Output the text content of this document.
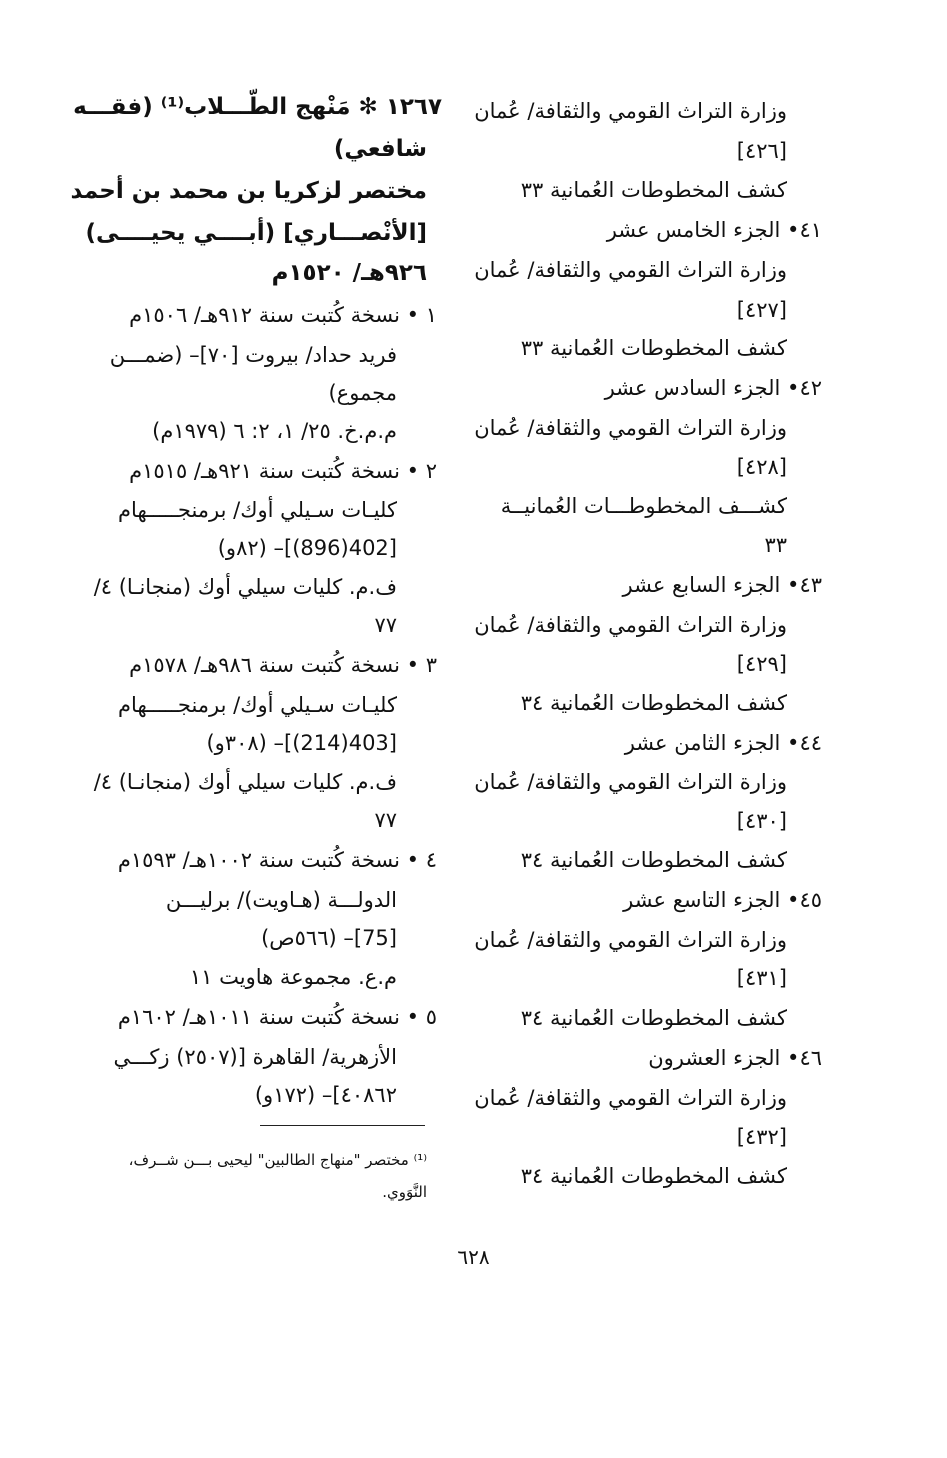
وزارة التراث القومي والثقافة/ عُمان
[٤٢٦]
كشف المخطوطات العُمانية ٣٣
٤١• الجزء الخامس عشر
وزارة التراث القومي والثقافة/ عُمان
[٤٢٧]
كشف المخطوطات العُمانية ٣٣
٤٢• الجزء السادس عشر
وزارة التراث القومي والثقافة/ عُمان
[٤٢٨]
كشـــف المخطوطـــات العُمانيــة
٣٣
٤٣• الجزء السابع عشر
وزارة التراث القومي والثقافة/ عُمان
[٤٢٩]
كشف المخطوطات العُمانية ٣٤
٤٤• الجزء الثامن عشر
وزارة التراث القومي والثقافة/ عُمان
[٤٣٠]
كشف المخطوطات العُمانية ٣٤
٤٥• الجزء التاسع عشر
وزارة التراث القومي والثقافة/ عُمان
[٤٣١]
كشف المخطوطات العُمانية ٣٤
٤٦• الجزء العشرون
وزارة التراث القومي والثقافة/ عُمان
[٤٣٢]
كشف المخطوطات العُمانية ٣٤
١٢٦٧ ✻ مَنْهج الطّـــلاب⁽¹⁾ (فقـــه
شافعي)
مختصر لزكريا بن محمد بن أحمد
[الأنْصـــاري] (أبــــي يحيــــى)
٩٢٦هـ/ ١٥٢٠م
١ • نسخة كُتبت سنة ٩١٢هـ/ ١٥٠٦م
فريد حداد/ بيروت [٧٠]– (ضمـــن
مجموع)
م.م.خ. ٢٥/ ١، ٢: ٦ (١٩٧٩م)
٢ • نسخة كُتبت سنة ٩٢١هـ/ ١٥١٥م
كليـات سـيلي أوك/ برمنجـــــهام
[402(896)]– (٨٢و)
ف.م. كليات سيلي أوك (منجانـا) ٤/
٧٧
٣ • نسخة كُتبت سنة ٩٨٦هـ/ ١٥٧٨م
كليـات سـيلي أوك/ برمنجـــــهام
[403(214)]– (٣٠٨و)
ف.م. كليات سيلي أوك (منجانـا) ٤/
٧٧
٤ • نسخة كُتبت سنة ١٠٠٢هـ/ ١٥٩٣م
الدولـــة (هـاويت)/ برليـــن
[75]– (٥٦٦ص)
م.ع. مجموعة هاويت ١١
٥ • نسخة كُتبت سنة ١٠١١هـ/ ١٦٠٢م
الأزهرية/ القاهرة [(٢٥٠٧) زكـــي
٤٠٨٦٢]– (١٧٢و)
⁽¹⁾ مختصر "منهاج الطالبين" ليحيى بـــن شــرف،
النَّوَوي.
٦٢٨
